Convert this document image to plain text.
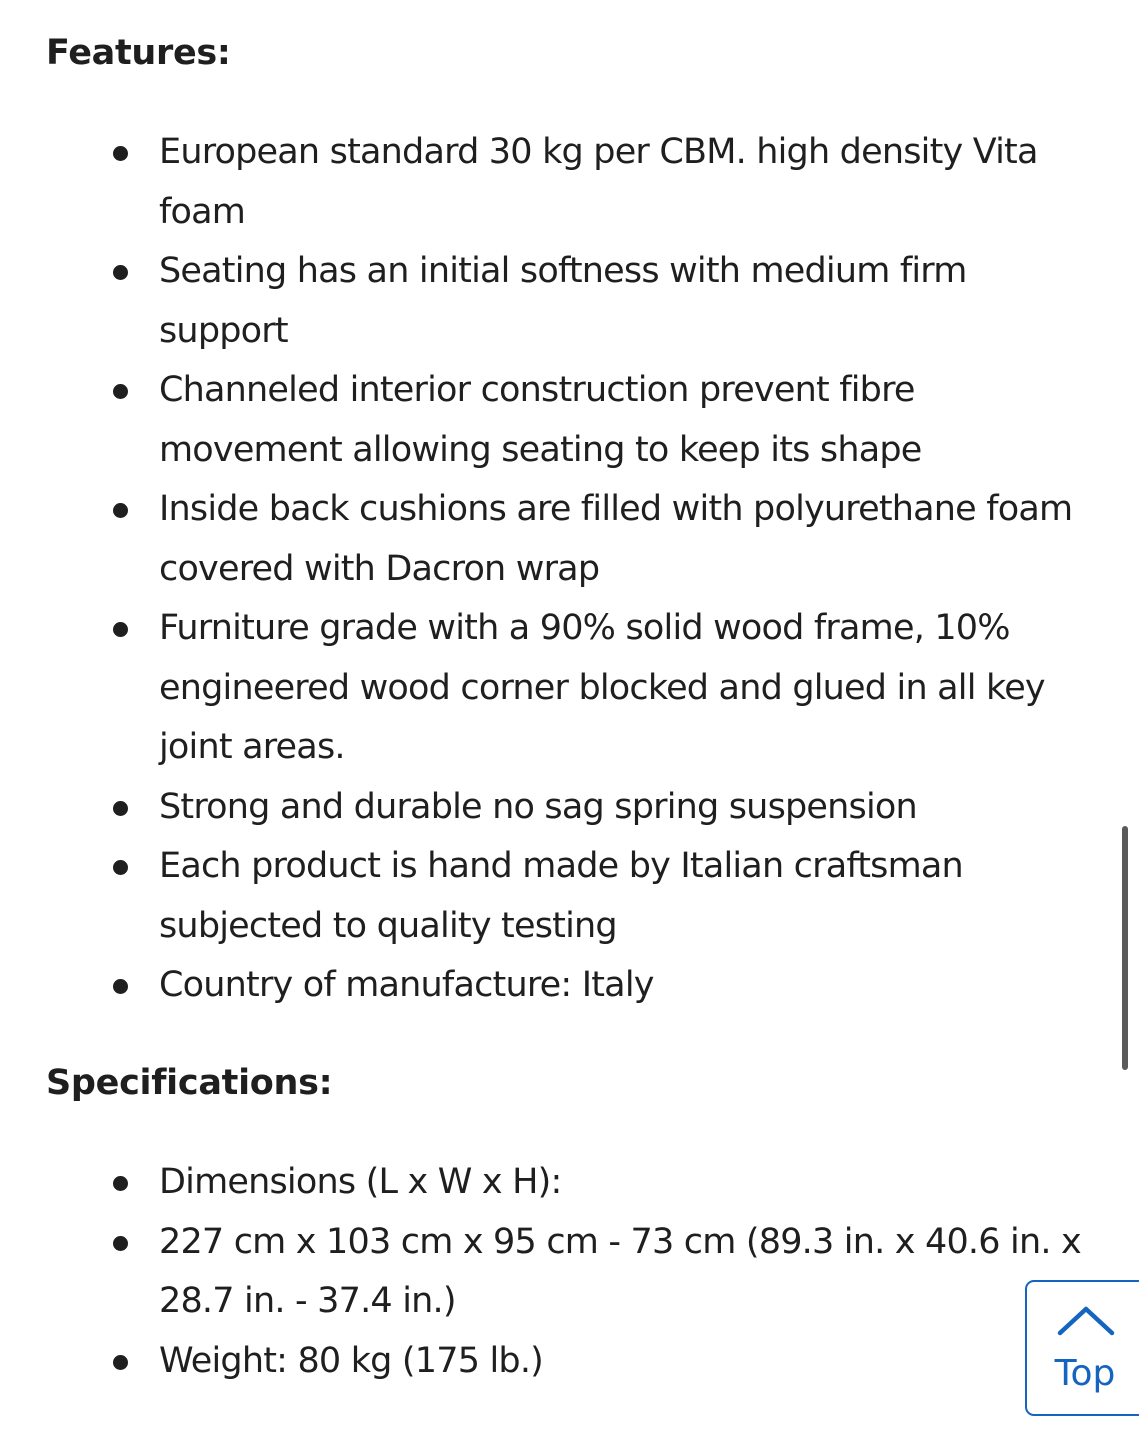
Features:
European standard 30 kg per CBM. high density Vita foam
Seating has an initial softness with medium firm support
Channeled interior construction prevent fibre movement allowing seating to keep its shape
Inside back cushions are filled with polyurethane foam covered with Dacron wrap
Furniture grade with a 90% solid wood frame, 10% engineered wood corner blocked and glued in all key joint areas.
Strong and durable no sag spring suspension
Each product is hand made by Italian craftsman subjected to quality testing
Country of manufacture: Italy
Specifications:
Dimensions (L x W x H):
227 cm x 103 cm x 95 cm - 73 cm (89.3 in. x 40.6 in. x 28.7 in. - 37.4 in.)
Weight: 80 kg (175 lb.)	Top
